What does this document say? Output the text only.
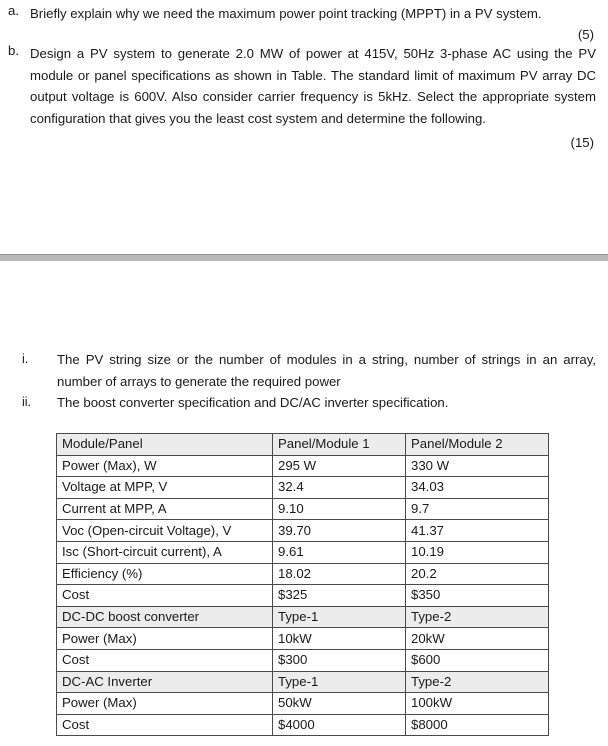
a. Briefly explain why we need the maximum power point tracking (MPPT) in a PV system.
(5)
b. Design a PV system to generate 2.0 MW of power at 415V, 50Hz 3-phase AC using the PV module or panel specifications as shown in Table. The standard limit of maximum PV array DC output voltage is 600V. Also consider carrier frequency is 5kHz. Select the appropriate system configuration that gives you the least cost system and determine the following.
(15)
i.	The PV string size or the number of modules in a string, number of strings in an array, number of arrays to generate the required power
ii.	The boost converter specification and DC/AC inverter specification.
Module/Panel	Panel/Module 1	Panel/Module 2
Power (Max), W	295 W	330 W
Voltage at MPP, V	32.4	34.03
Current at MPP, A	9.10	9.7
Voc (Open-circuit Voltage), V	39.70	41.37
Isc (Short-circuit current), A	9.61	10.19
Efficiency (%)	18.02	20.2
Cost	$325	$350
DC-DC boost converter	Type-1	Type-2
Power (Max)	10kW	20kW
Cost	$300	$600
DC-AC Inverter	Type-1	Type-2
Power (Max)	50kW	100kW
Cost	$4000	$8000
